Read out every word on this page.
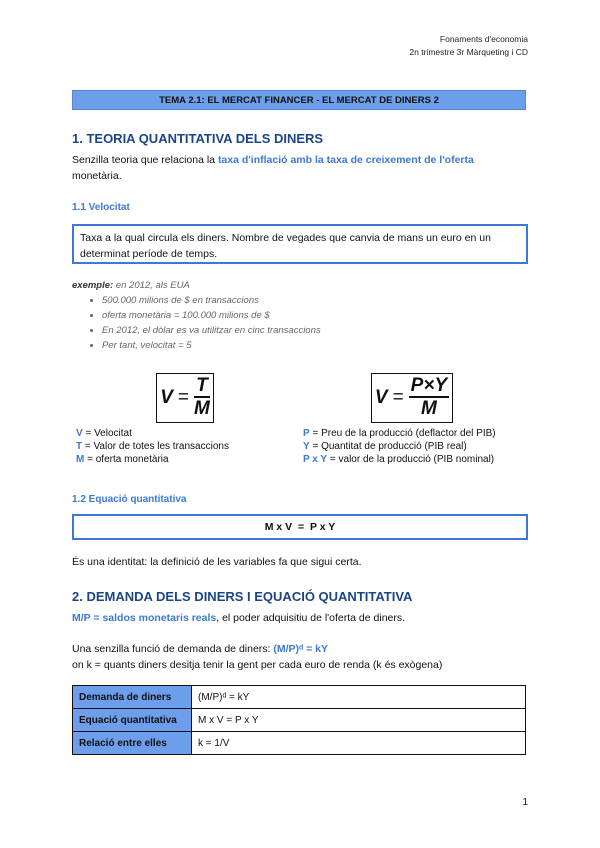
Fonaments d'economia
2n trimestre 3r Màrqueting i CD
TEMA 2.1: EL MERCAT FINANCER - EL MERCAT DE DINERS 2
1. TEORIA QUANTITATIVA DELS DINERS
Senzilla teoria que relaciona la taxa d'inflació amb la taxa de creixement de l'oferta
monetària.
1.1 Velocitat
Taxa a la qual circula els diners. Nombre de vegades que canvia de mans un euro en un determinat període de temps.
exemple: en 2012, als EUA
• 500.000 milions de $ en transaccions
• oferta monetària = 100.000 milions de $
• En 2012, el dòlar es va utilitzar en cinc transaccions
• Per tant, velocitat = 5
$V = \frac{T}{M}$	$V = \frac{P\times Y}{M}$
V = Velocitat
T = Valor de totes les transaccions
M = oferta monetària
P = Preu de la producció (deflactor del PIB)
Y = Quantitat de producció (PIB real)
P x Y = valor de la producció (PIB nominal)
1.2 Equació quantitativa
M x V  =  P x Y
És una identitat: la definició de les variables fa que sigui certa.
2. DEMANDA DELS DINERS I EQUACIÓ QUANTITATIVA
M/P = saldos monetaris reals, el poder adquisitiu de l'oferta de diners.
Una senzilla funció de demanda de diners: (M/P)ᵈ = kY
on k = quants diners desitja tenir la gent per cada euro de renda (k és exògena)
Demanda de diners	(M/P)ᵈ = kY
Equació quantitativa	M x V = P x Y
Relació entre elles	k = 1/V
1
